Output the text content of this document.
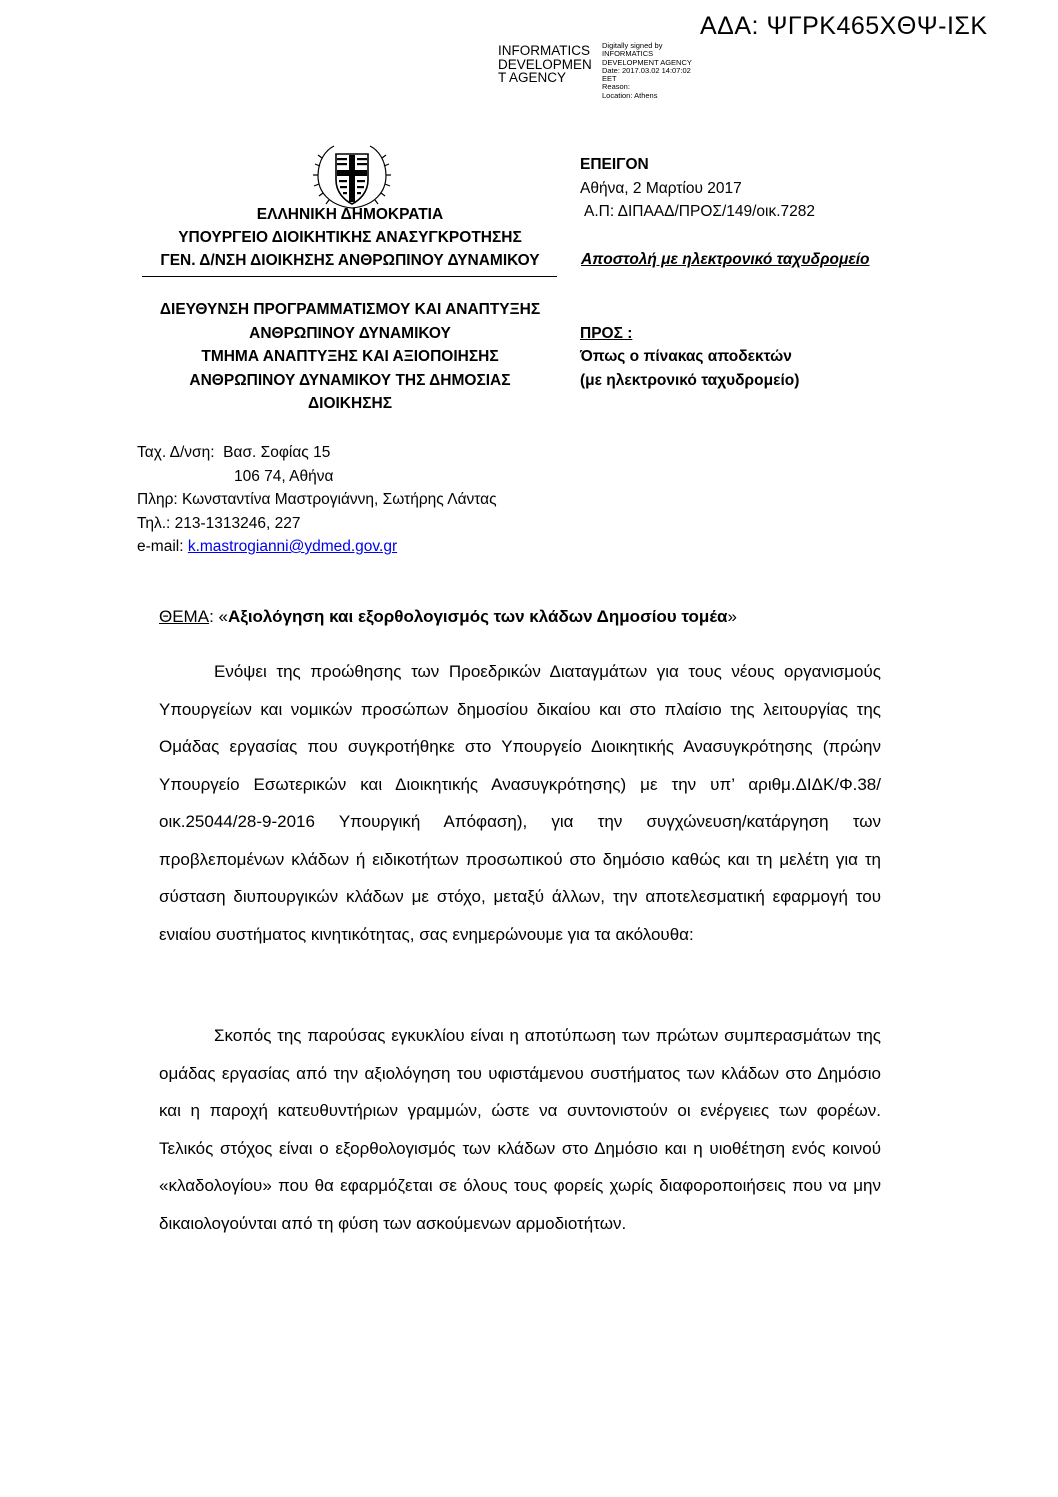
ΑΔΑ: ΨΓΡΚ465ΧΘΨ-ΙΣΚ
INFORMATICS
DEVELOPMEN
T AGENCY
Digitally signed by
INFORMATICS
DEVELOPMENT AGENCY
Date: 2017.03.02 14:07:02
EET
Reason:
Location: Athens
ΕΛΛΗΝΙΚΗ ΔΗΜΟΚΡΑΤΙΑ
ΥΠΟΥΡΓΕΙΟ ΔΙΟΙΚΗΤΙΚΗΣ ΑΝΑΣΥΓΚΡΟΤΗΣΗΣ
ΓΕΝ. Δ/ΝΣΗ ΔΙΟΙΚΗΣΗΣ ΑΝΘΡΩΠΙΝΟΥ ΔΥΝΑΜΙΚΟΥ
ΔΙΕΥΘΥΝΣΗ ΠΡΟΓΡΑΜΜΑΤΙΣΜΟΥ ΚΑΙ ΑΝΑΠΤΥΞΗΣ
ΑΝΘΡΩΠΙΝΟΥ ΔΥΝΑΜΙΚΟΥ
ΤΜΗΜΑ ΑΝΑΠΤΥΞΗΣ ΚΑΙ ΑΞΙΟΠΟΙΗΣΗΣ
ΑΝΘΡΩΠΙΝΟΥ ΔΥΝΑΜΙΚΟΥ ΤΗΣ ΔΗΜΟΣΙΑΣ
ΔΙΟΙΚΗΣΗΣ
ΕΠΕΙΓΟΝ
Αθήνα, 2 Μαρτίου 2017
Α.Π: ΔΙΠΑΑΔ/ΠΡΟΣ/149/οικ.7282
Αποστολή με ηλεκτρονικό ταχυδρομείο
ΠΡΟΣ :
Όπως ο πίνακας αποδεκτών
(με ηλεκτρονικό ταχυδρομείο)
Ταχ. Δ/νση: Βασ. Σοφίας 15
106 74, Αθήνα
Πληρ: Κωνσταντίνα Μαστρογιάννη, Σωτήρης Λάντας
Τηλ.: 213-1313246, 227
e-mail: k.mastrogianni@ydmed.gov.gr
ΘΕΜΑ: «Αξιολόγηση και εξορθολογισμός των κλάδων Δημοσίου τομέα»

Ενόψει της προώθησης των Προεδρικών Διαταγμάτων για τους νέους οργανισμούς Υπουργείων και νομικών προσώπων δημοσίου δικαίου και στο πλαίσιο της λειτουργίας της Ομάδας εργασίας που συγκροτήθηκε στο Υπουργείο Διοικητικής Ανασυγκρότησης (πρώην Υπουργείο Εσωτερικών και Διοικητικής Ανασυγκρότησης) με την υπ’ αριθμ.ΔΙΔΚ/Φ.38/οικ.25044/28-9-2016 Υπουργική Απόφαση), για την συγχώνευση/κατάργηση των προβλεπομένων κλάδων ή ειδικοτήτων προσωπικού στο δημόσιο καθώς και τη μελέτη για τη σύσταση διυπουργικών κλάδων με στόχο, μεταξύ άλλων, την αποτελεσματική εφαρμογή του ενιαίου συστήματος κινητικότητας, σας ενημερώνουμε για τα ακόλουθα:

Σκοπός της παρούσας εγκυκλίου είναι η αποτύπωση των πρώτων συμπερασμάτων της ομάδας εργασίας από την αξιολόγηση του υφιστάμενου συστήματος των κλάδων στο Δημόσιο και η παροχή κατευθυντήριων γραμμών, ώστε να συντονιστούν οι ενέργειες των φορέων. Τελικός στόχος είναι ο εξορθολογισμός των κλάδων στο Δημόσιο και η υιοθέτηση ενός κοινού «κλαδολογίου» που θα εφαρμόζεται σε όλους τους φορείς χωρίς διαφοροποιήσεις που να μην δικαιολογούνται από τη φύση των ασκούμενων αρμοδιοτήτων.
